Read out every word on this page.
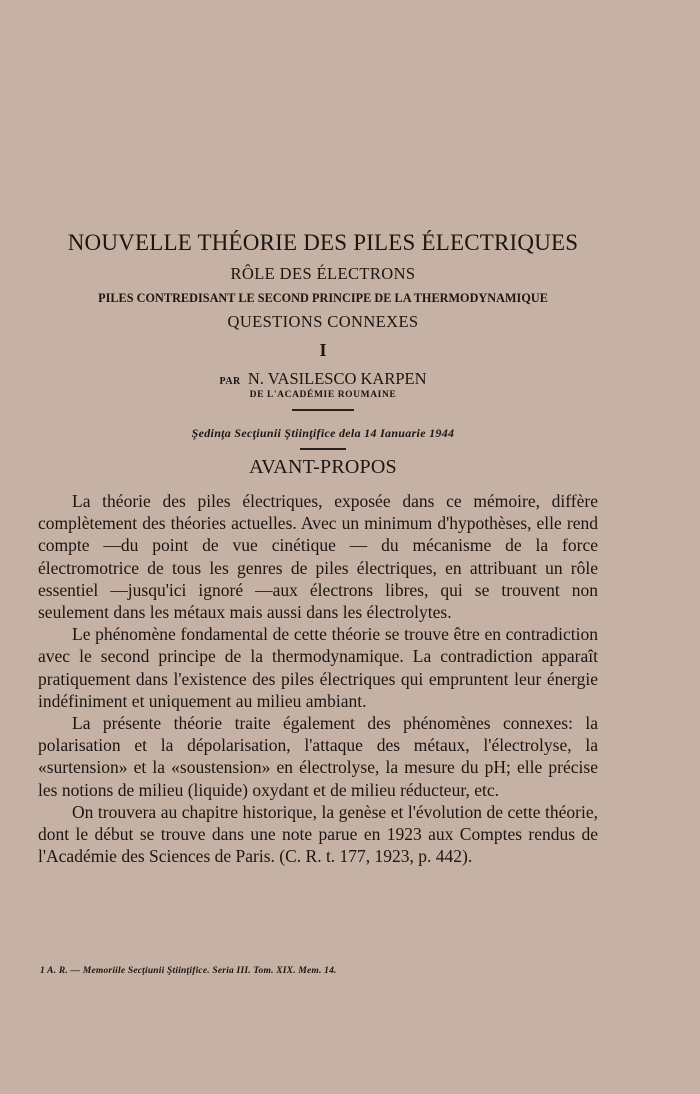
NOUVELLE THÉORIE DES PILES ÉLECTRIQUES
RÔLE DES ÉLECTRONS
PILES CONTREDISANT LE SECOND PRINCIPE DE LA THERMODYNAMIQUE
QUESTIONS CONNEXES
I
PAR N. VASILESCO KARPEN
DE L'ACADÉMIE ROUMAINE
Şedinţa Secţiunii Ştiinţifice dela 14 Ianuarie 1944
AVANT-PROPOS

La théorie des piles électriques, exposée dans ce mémoire, diffère complètement des théories actuelles. Avec un minimum d'hypothèses, elle rend compte —du point de vue cinétique — du mécanisme de la force électromotrice de tous les genres de piles électriques, en attribuant un rôle essentiel —jusqu'ici ignoré —aux électrons libres, qui se trouvent non seulement dans les métaux mais aussi dans les électrolytes.

Le phénomène fondamental de cette théorie se trouve être en contradiction avec le second principe de la thermodynamique. La contradiction apparaît pratiquement dans l'existence des piles électriques qui empruntent leur énergie indéfiniment et uniquement au milieu ambiant.

La présente théorie traite également des phénomènes connexes: la polarisation et la dépolarisation, l'attaque des métaux, l'électrolyse, la «surtension» et la «soustension» en électrolyse, la mesure du pH; elle précise les notions de milieu (liquide) oxydant et de milieu réducteur, etc.

On trouvera au chapitre historique, la genèse et l'évolution de cette théorie, dont le début se trouve dans une note parue en 1923 aux Comptes rendus de l'Académie des Sciences de Paris. (C. R. t. 177, 1923, p. 442).

1 A. R. — Memoriile Secţiunii Ştiinţifice. Seria III. Tom. XIX. Mem. 14.
